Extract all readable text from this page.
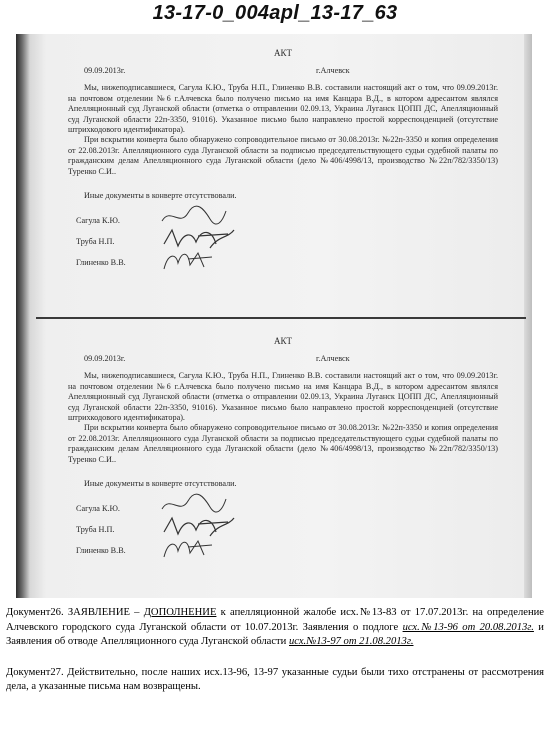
13-17-0_004apl_13-17_63
АКТ
09.09.2013г.	г.Алчевск

Мы, нижеподписавшиеся, Сагула К.Ю., Труба Н.П., Глиненко В.В. составили настоящий акт о том, что 09.09.2013г. на почтовом отделении №6 г.Алчевска было получено письмо на имя Канцара В.Д., в котором адресантом являлся Апелляционный суд Луганской области (отметка о отправлении 02.09.13, Украина Луганск ЦОПП ДС, Апелляционный суд Луганской области 22п-3350, 91016). Указанное письмо было направлено простой корреспонденцией (отсутствие штрихкодового идентификатора).

При вскрытии конверта было обнаружено сопроводительное письмо от 30.08.2013г. №22п-3350 и копия определения от 22.08.2013г. Апелляционного суда Луганской области за подписью председательствующего судьи судебной палаты по гражданским делам Апелляционного суда Луганской области (дело №406/4998/13, производство №22п/782/3350/13) Туренко С.И..

Иные документы в конверте отсутствовали.

Сагула К.Ю.
Труба Н.П.
Глиненко В.В.
АКТ
09.09.2013г.	г.Алчевск

Мы, нижеподписавшиеся, Сагула К.Ю., Труба Н.П., Глиненко В.В. составили настоящий акт о том, что 09.09.2013г. на почтовом отделении №6 г.Алчевска было получено письмо на имя Канцара В.Д., в котором адресантом являлся Апелляционный суд Луганской области (отметка о отправлении 02.09.13, Украина Луганск ЦОПП ДС, Апелляционный суд Луганской области 22п-3350, 91016). Указанное письмо было направлено простой корреспонденцией (отсутствие штрихкодового идентификатора).

При вскрытии конверта было обнаружено сопроводительное письмо от 30.08.2013г. №22п-3350 и копия определения от 22.08.2013г. Апелляционного суда Луганской области за подписью председательствующего судьи судебной палаты по гражданским делам Апелляционного суда Луганской области (дело №406/4998/13, производство №22п/782/3350/13) Туренко С.И..

Иные документы в конверте отсутствовали.

Сагула К.Ю.
Труба Н.П.
Глиненко В.В.

Документ26. ЗАЯВЛЕНИЕ – ДОПОЛНЕНИЕ к апелляционной жалобе исх.№13-83 от 17.07.2013г. на определение Алчевского городского суда Луганской области от 10.07.2013г. Заявления о подлоге исх.№13-96 от 20.08.2013г. и Заявления об отводе Апелляционного суда Луганской области исх.№13-97 от 21.08.2013г.

Документ27. Действительно, после наших исх.13-96, 13-97 указанные судьи были тихо отстранены от рассмотрения дела, а указанные письма нам возвращены.
